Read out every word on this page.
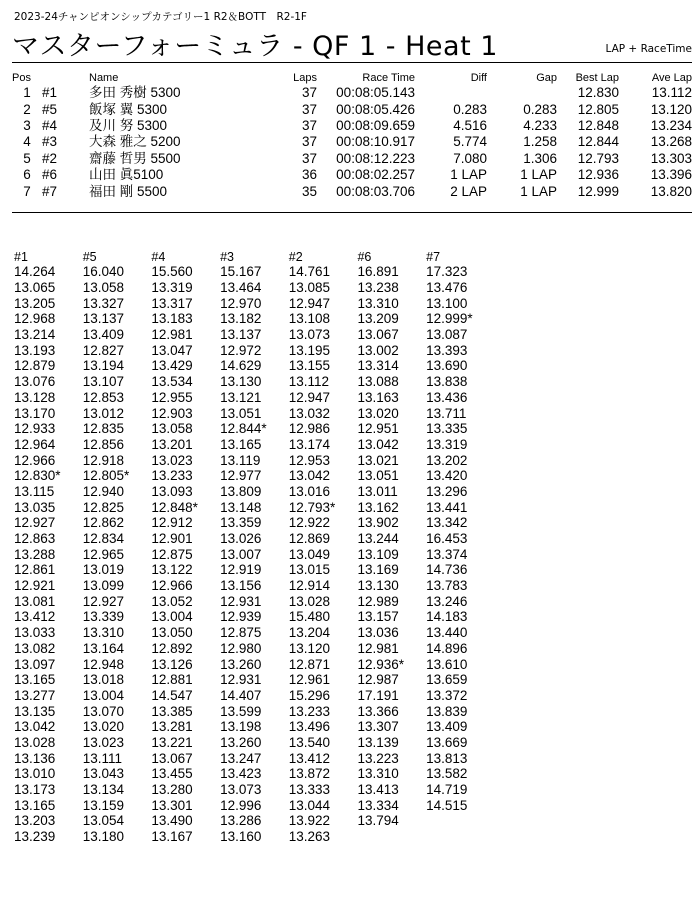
2023-24チャンピオンシップカテゴリー1 R2＆BOTT　R2-1F
マスターフォーミュラ - QF 1 - Heat 1	LAP + RaceTime
Pos		Name	Laps	Race Time	Diff	Gap	Best Lap	Ave Lap
1	#1	多田 秀樹 5300	37	00:08:05.143			12.830	13.112
2	#5	飯塚 翼 5300	37	00:08:05.426	0.283	0.283	12.805	13.120
3	#4	及川 努 5300	37	00:08:09.659	4.516	4.233	12.848	13.234
4	#3	大森 雅之 5200	37	00:08:10.917	5.774	1.258	12.844	13.268
5	#2	齋藤 哲男 5500	37	00:08:12.223	7.080	1.306	12.793	13.303
6	#6	山田 眞5100	36	00:08:02.257	1 LAP	1 LAP	12.936	13.396
7	#7	福田 剛 5500	35	00:08:03.706	2 LAP	1 LAP	12.999	13.820
#1	#5	#4	#3	#2	#6	#7
14.264	16.040	15.560	15.167	14.761	16.891	17.323
13.065	13.058	13.319	13.464	13.085	13.238	13.476
13.205	13.327	13.317	12.970	12.947	13.310	13.100
12.968	13.137	13.183	13.182	13.108	13.209	12.999*
13.214	13.409	12.981	13.137	13.073	13.067	13.087
13.193	12.827	13.047	12.972	13.195	13.002	13.393
12.879	13.194	13.429	14.629	13.155	13.314	13.690
13.076	13.107	13.534	13.130	13.112	13.088	13.838
13.128	12.853	12.955	13.121	12.947	13.163	13.436
13.170	13.012	12.903	13.051	13.032	13.020	13.711
12.933	12.835	13.058	12.844*	12.986	12.951	13.335
12.964	12.856	13.201	13.165	13.174	13.042	13.319
12.966	12.918	13.023	13.119	12.953	13.021	13.202
12.830*	12.805*	13.233	12.977	13.042	13.051	13.420
13.115	12.940	13.093	13.809	13.016	13.011	13.296
13.035	12.825	12.848*	13.148	12.793*	13.162	13.441
12.927	12.862	12.912	13.359	12.922	13.902	13.342
12.863	12.834	12.901	13.026	12.869	13.244	16.453
13.288	12.965	12.875	13.007	13.049	13.109	13.374
12.861	13.019	13.122	12.919	13.015	13.169	14.736
12.921	13.099	12.966	13.156	12.914	13.130	13.783
13.081	12.927	13.052	12.931	13.028	12.989	13.246
13.412	13.339	13.004	12.939	15.480	13.157	14.183
13.033	13.310	13.050	12.875	13.204	13.036	13.440
13.082	13.164	12.892	12.980	13.120	12.981	14.896
13.097	12.948	13.126	13.260	12.871	12.936*	13.610
13.165	13.018	12.881	12.931	12.961	12.987	13.659
13.277	13.004	14.547	14.407	15.296	17.191	13.372
13.135	13.070	13.385	13.599	13.233	13.366	13.839
13.042	13.020	13.281	13.198	13.496	13.307	13.409
13.028	13.023	13.221	13.260	13.540	13.139	13.669
13.136	13.111	13.067	13.247	13.412	13.223	13.813
13.010	13.043	13.455	13.423	13.872	13.310	13.582
13.173	13.134	13.280	13.073	13.333	13.413	14.719
13.165	13.159	13.301	12.996	13.044	13.334	14.515
13.203	13.054	13.490	13.286	13.922	13.794	
13.239	13.180	13.167	13.160	13.263		
